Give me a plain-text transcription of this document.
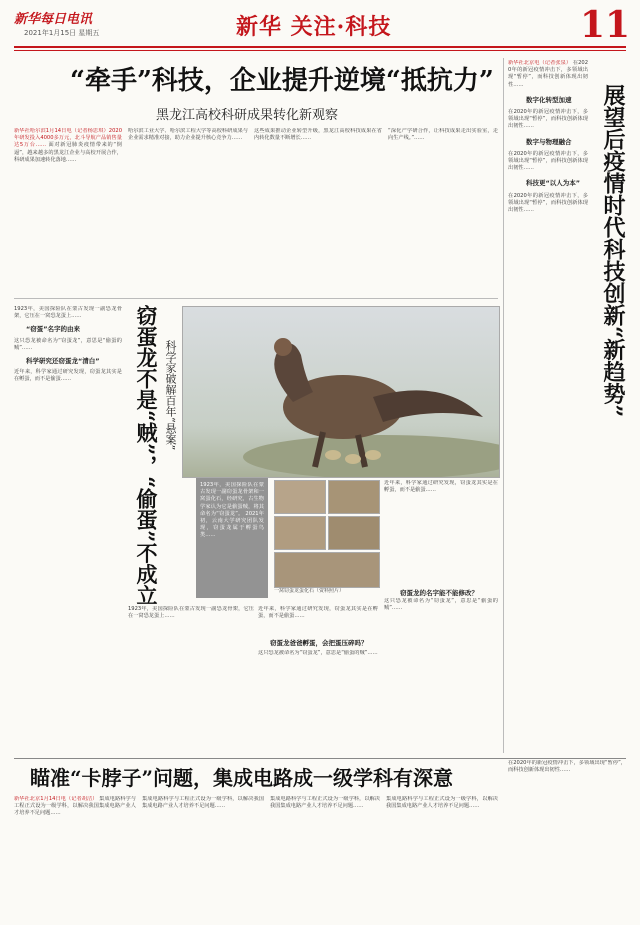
新华每日电讯
2021年1月15日 星期五	新华 关注·科技	11
“牵手”科技，企业提升逆境“抵抗力”
黑龙江高校科研成果转化新观察
新华社哈尔滨1月14日电（记者杨思琪）2020年研发投入4000多万元，北斗导航产品销售量达5万台…… 面对新冠肺炎疫情带来的“倒逼”，越来越多的黑龙江企业与高校开展合作，科研成果加速转化落地……
哈尔滨工业大学、哈尔滨工程大学等高校科研成果与企业需求精准对接，助力企业提升核心竞争力……
这些成果推动企业转型升级，黑龙江高校科技成果在省内转化数量不断增长……
“深化产学研合作，让科技成果走出实验室，走向生产线。”……
1923年，美国探险队在蒙古发现一副恐龙骨架，它压在一窝恐龙蛋上……
“窃蛋”名字的由来
这只恐龙被命名为“窃蛋龙”，意思是“偷蛋的贼”……
科学研究还窃蛋龙“清白”
近年来，科学家通过研究发现，窃蛋龙其实是在孵蛋，而不是偷蛋……	窃蛋龙不是“贼”，“偷蛋”不成立 科学家破解百年“悬案”
1923年，美国探险队在蒙古发现一副窃蛋龙骨架和一窝蛋化石，经研究，古生物学家认为它是偷蛋贼，将其命名为“窃蛋龙”。 2021年初，云南大学研究团队发现，窃蛋龙属于孵蛋鸟类……
一窝窃蛋龙蛋化石（资料照片）
近年来，科学家通过研究发现，窃蛋龙其实是在孵蛋，而不是偷蛋……
窃蛋龙的名字能不能修改？
这只恐龙被命名为“窃蛋龙”，意思是“偷蛋的贼”……
1923年，美国探险队在蒙古发现一副恐龙骨架，它压在一窝恐龙蛋上……
近年来，科学家通过研究发现，窃蛋龙其实是在孵蛋，而不是偷蛋……
窃蛋龙爸爸孵蛋，会把蛋压碎吗？
这只恐龙被命名为“窃蛋龙”，意思是“偷蛋的贼”……
新华社北京电（记者张泉） 在2020年的新冠疫情冲击下，多领域出现“暂停”，而科技创新体现出韧性……
数字化转型加速
在2020年的新冠疫情冲击下，多领域出现“暂停”，而科技创新体现出韧性……
数字与物理融合
在2020年的新冠疫情冲击下，多领域出现“暂停”，而科技创新体现出韧性……
科技更“以人为本”
在2020年的新冠疫情冲击下，多领域出现“暂停”，而科技创新体现出韧性……	展望后疫情时代科技创新“新趋势”
瞄准“卡脖子”问题，集成电路成一级学科有深意
新华社北京1月14日电（记者胡洁） 集成电路科学与工程正式设为一级学科，以解决我国集成电路产业人才培养不足问题……
集成电路科学与工程正式设为一级学科，以解决我国集成电路产业人才培养不足问题……
集成电路科学与工程正式设为一级学科，以解决我国集成电路产业人才培养不足问题……
集成电路科学与工程正式设为一级学科，以解决我国集成电路产业人才培养不足问题……
在2020年的新冠疫情冲击下，多领域出现“暂停”，而科技创新体现出韧性……
